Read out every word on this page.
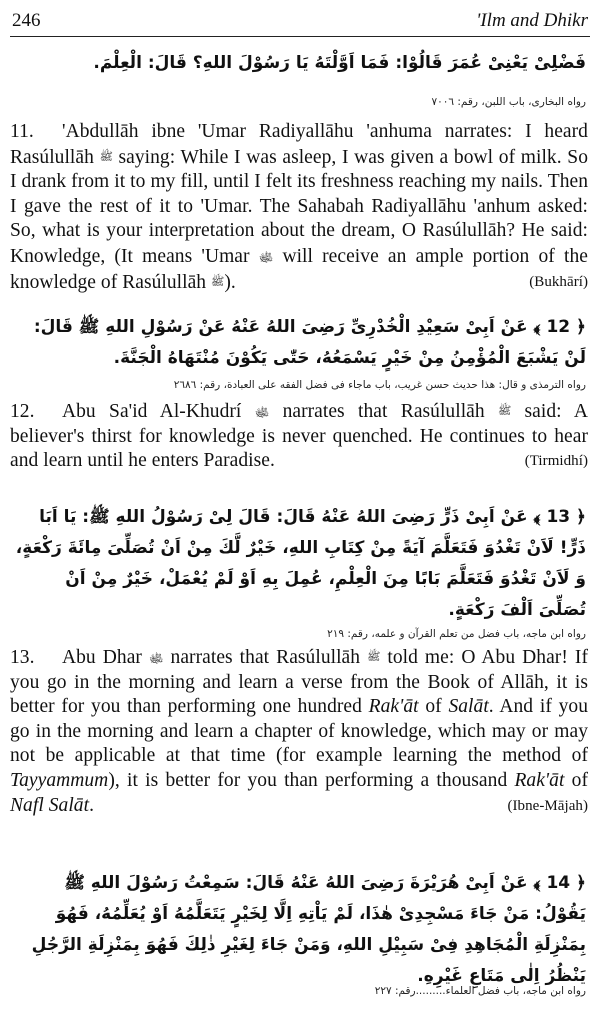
246	'Ilm and Dhikr
فَضْلِىْ يَعْنِىْ عُمَرَ قَالُوْا: فَمَا اَوَّلْتَهُ يَا رَسُوْلَ اللهِ؟ قَالَ: الْعِلْمَ.
رواه البخارى، باب اللبن، رقم: ٧٠٠٦
11. 'Abdullāh ibne 'Umar Radiyallāhu 'anhuma narrates: I heard Rasúlullāh ﷺ saying: While I was asleep, I was given a bowl of milk. So I drank from it to my fill, until I felt its freshness reaching my nails. Then I gave the rest of it to 'Umar. The Sahabah Radiyallāhu 'anhum asked: So, what is your interpretation about the dream, O Rasúlullāh? He said: Knowledge, (It means 'Umar ﵊ will receive an ample portion of the knowledge of Rasúlullāh ﷺ).	(Bukhārí)
﴿ 12 ﴾ عَنْ اَبِىْ سَعِيْدِ الْخُدْرِىِّ رَضِىَ اللهُ عَنْهُ عَنْ رَسُوْلِ اللهِ ﷺ قَالَ: لَنْ يَشْبَعَ الْمُؤْمِنُ مِنْ خَيْرٍ يَسْمَعُهُ، حَتّٰى يَكُوْنَ مُنْتَهَاهُ الْجَنَّةَ.
رواه الترمذى و قال: هذا حديث حسن غريب، باب ماجاء فى فضل الفقه على العبادة، رقم: ٢٦٨٦
12. Abu Sa'id Al-Khudrí ﵊ narrates that Rasúlullāh ﷺ said: A believer's thirst for knowledge is never quenched. He continues to hear and learn until he enters Paradise.	(Tirmidhí)
﴿ 13 ﴾ عَنْ اَبِىْ ذَرٍّ رَضِىَ اللهُ عَنْهُ قَالَ: قَالَ لِىْ رَسُوْلُ اللهِ ﷺ: يَا اَبَا ذَرٍّ! لَاَنْ تَغْدُوَ فَتَعَلَّمَ آيَةً مِنْ كِتَابِ اللهِ، خَيْرٌ لَّكَ مِنْ اَنْ تُصَلِّىَ مِائَةَ رَكْعَةٍ، وَ لَاَنْ تَغْدُوَ فَتَعَلَّمَ بَابًا مِنَ الْعِلْمِ، عُمِلَ بِهِ اَوْ لَمْ يُعْمَلْ، خَيْرٌ مِنْ اَنْ تُصَلِّىَ اَلْفَ رَكْعَةٍ.
رواه ابن ماجه، باب فضل من تعلم القرآن و علمه، رقم: ٢١٩
13. Abu Dhar ﵊ narrates that Rasúlullāh ﷺ told me: O Abu Dhar! If you go in the morning and learn a verse from the Book of Allāh, it is better for you than performing one hundred Rak'āt of Salāt. And if you go in the morning and learn a chapter of knowledge, which may or may not be applicable at that time (for example learning the method of Tayyammum), it is better for you than performing a thousand Rak'āt of Nafl Salāt.	(Ibne-Mājah)
﴿ 14 ﴾ عَنْ اَبِىْ هُرَيْرَةَ رَضِىَ اللهُ عَنْهُ قَالَ: سَمِعْتُ رَسُوْلَ اللهِ ﷺ يَقُوْلُ: مَنْ جَاءَ مَسْجِدِىْ هٰذَا، لَمْ يَاْتِهِ اِلَّا لِخَيْرٍ يَتَعَلَّمُهُ اَوْ يُعَلِّمُهُ، فَهُوَ بِمَنْزِلَةِ الْمُجَاهِدِ فِىْ سَبِيْلِ اللهِ، وَمَنْ جَاءَ لِغَيْرِ ذٰلِكَ فَهُوَ بِمَنْزِلَةِ الرَّجُلِ يَنْظُرُ اِلٰى مَتَاعِ غَيْرِهِ.
رواه ابن ماجه، باب فضل العلماء.........رقم: ٢٢٧
